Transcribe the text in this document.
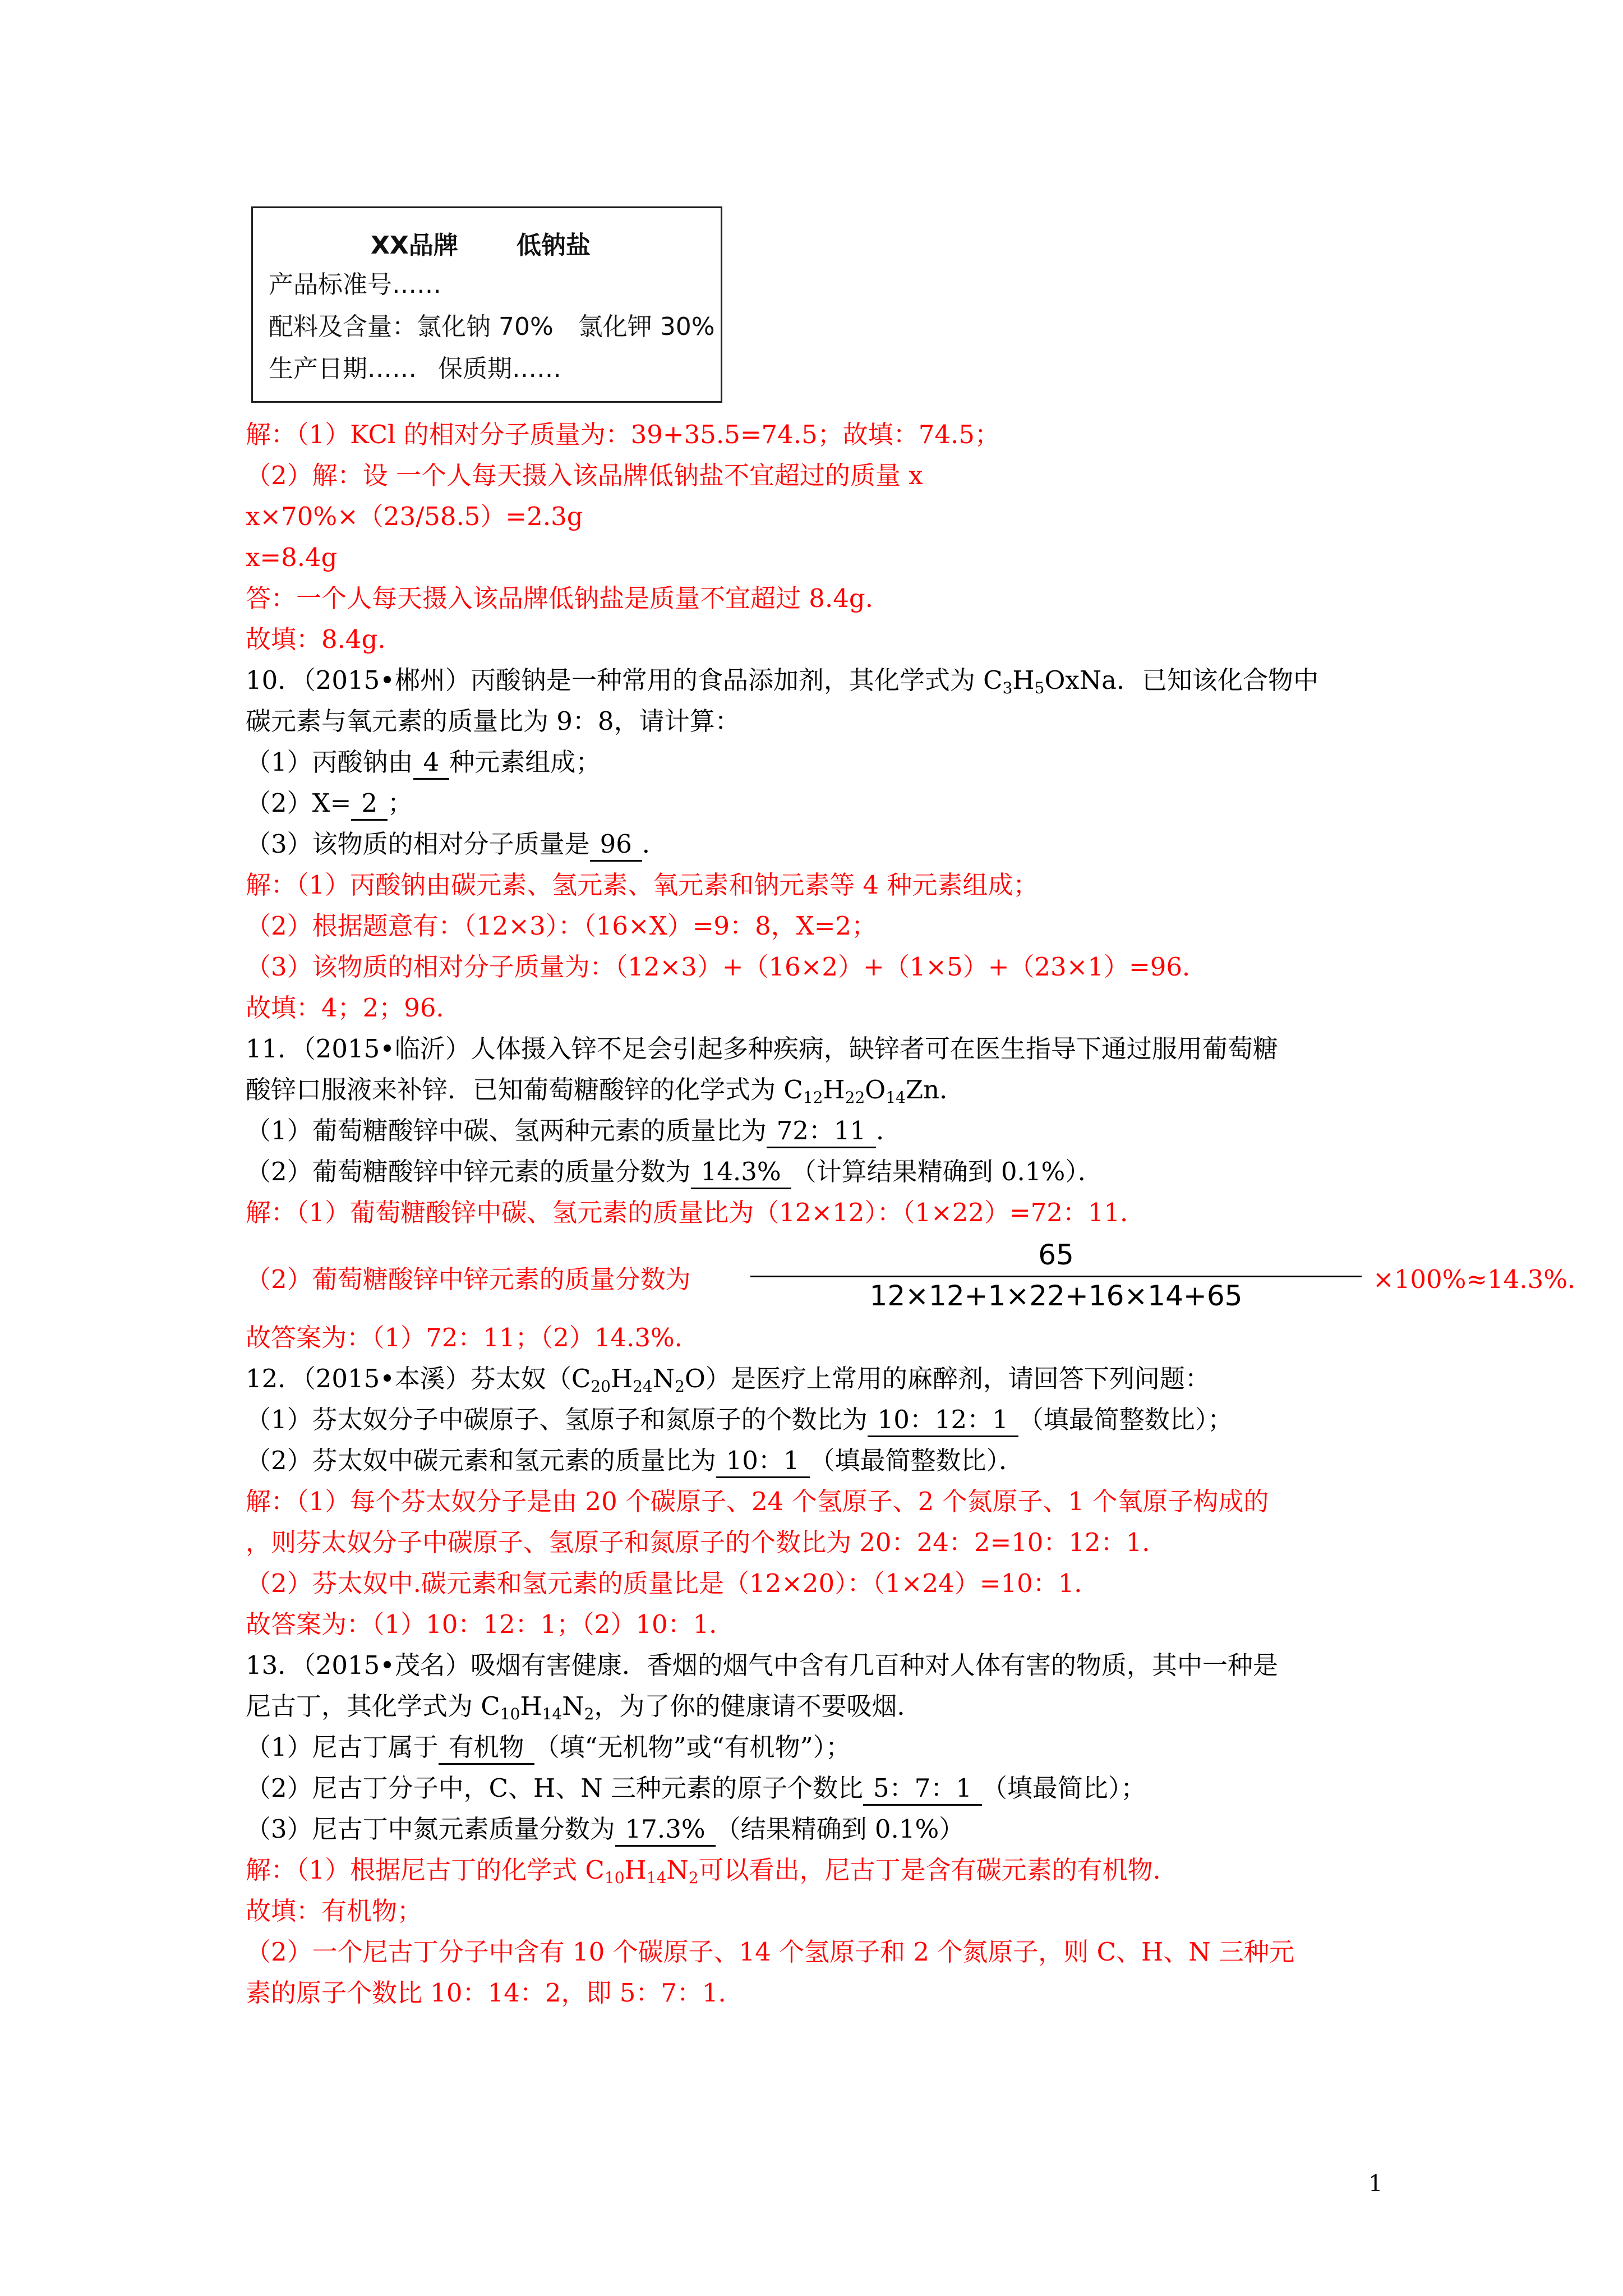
XX品牌 低钠盐
产品标准号……
配料及含量：氯化钠 70%　氯化钾 30%
生产日期…… 保质期……
解：（1）KCl 的相对分子质量为：39+35.5=74.5；故填：74.5；
（2）解：设 一个人每天摄入该品牌低钠盐不宜超过的质量 x
x×70%×（23/58.5）=2.3g
x=8.4g
答：一个人每天摄入该品牌低钠盐是质量不宜超过 8.4g.
故填：8.4g.
10．（2015•郴州）丙酸钠是一种常用的食品添加剂，其化学式为 $C_3H_5OxNa$．已知该化合物中
碳元素与氧元素的质量比为 9：8，请计算：
（1）丙酸钠由 4 种元素组成；
（2）X= 2 ；
（3）该物质的相对分子质量是 96 ．
解：（1）丙酸钠由碳元素、氢元素、氧元素和钠元素等 4 种元素组成；
（2）根据题意有：（12×3）：（16×X）=9：8，X=2；
（3）该物质的相对分子质量为：（12×3）+（16×2）+（1×5）+（23×1）=96．
故填：4；2；96．
11．（2015•临沂）人体摄入锌不足会引起多种疾病，缺锌者可在医生指导下通过服用葡萄糖
酸锌口服液来补锌．已知葡萄糖酸锌的化学式为 $C_{12}H_{22}O_{14}Zn$．
（1）葡萄糖酸锌中碳、氢两种元素的质量比为 72：11 ．
（2）葡萄糖酸锌中锌元素的质量分数为 14.3% （计算结果精确到 0.1%）．
解：（1）葡萄糖酸锌中碳、氢元素的质量比为（12×12）：（1×22）=72：11．
（2）葡萄糖酸锌中锌元素的质量分数为
65
12×12+1×22+16×14+65
×100%≈14.3%．
故答案为：（1）72：11；（2）14.3%．
12．（2015•本溪）芬太奴$(C_{20}H_{24}N_2O)$是医疗上常用的麻醉剂，请回答下列问题：
（1）芬太奴分子中碳原子、氢原子和氮原子的个数比为 10：12：1 （填最简整数比）；
（2）芬太奴中碳元素和氢元素的质量比为 10：1 （填最简整数比）．
解：（1）每个芬太奴分子是由 20 个碳原子、24 个氢原子、2 个氮原子、1 个氧原子构成的
，则芬太奴分子中碳原子、氢原子和氮原子的个数比为 20：24：2=10：12：1．
（2）芬太奴中.碳元素和氢元素的质量比是（12×20）：（1×24）=10：1．
故答案为：（1）10：12：1；（2）10：1．
13．（2015•茂名）吸烟有害健康．香烟的烟气中含有几百种对人体有害的物质，其中一种是
尼古丁，其化学式为 $C_{10}H_{14}N_2$，为了你的健康请不要吸烟．
（1）尼古丁属于 有机物 （填“无机物”或“有机物”）；
（2）尼古丁分子中，C、H、N 三种元素的原子个数比 5：7：1 （填最简比）；
（3）尼古丁中氮元素质量分数为 17.3% （结果精确到 0.1%）
解：（1）根据尼古丁的化学式 $C_{10}H_{14}N_2$可以看出，尼古丁是含有碳元素的有机物．
故填：有机物；
（2）一个尼古丁分子中含有 10 个碳原子、14 个氢原子和 2 个氮原子，则 C、H、N 三种元
素的原子个数比 10：14：2，即 5：7：1．
1
